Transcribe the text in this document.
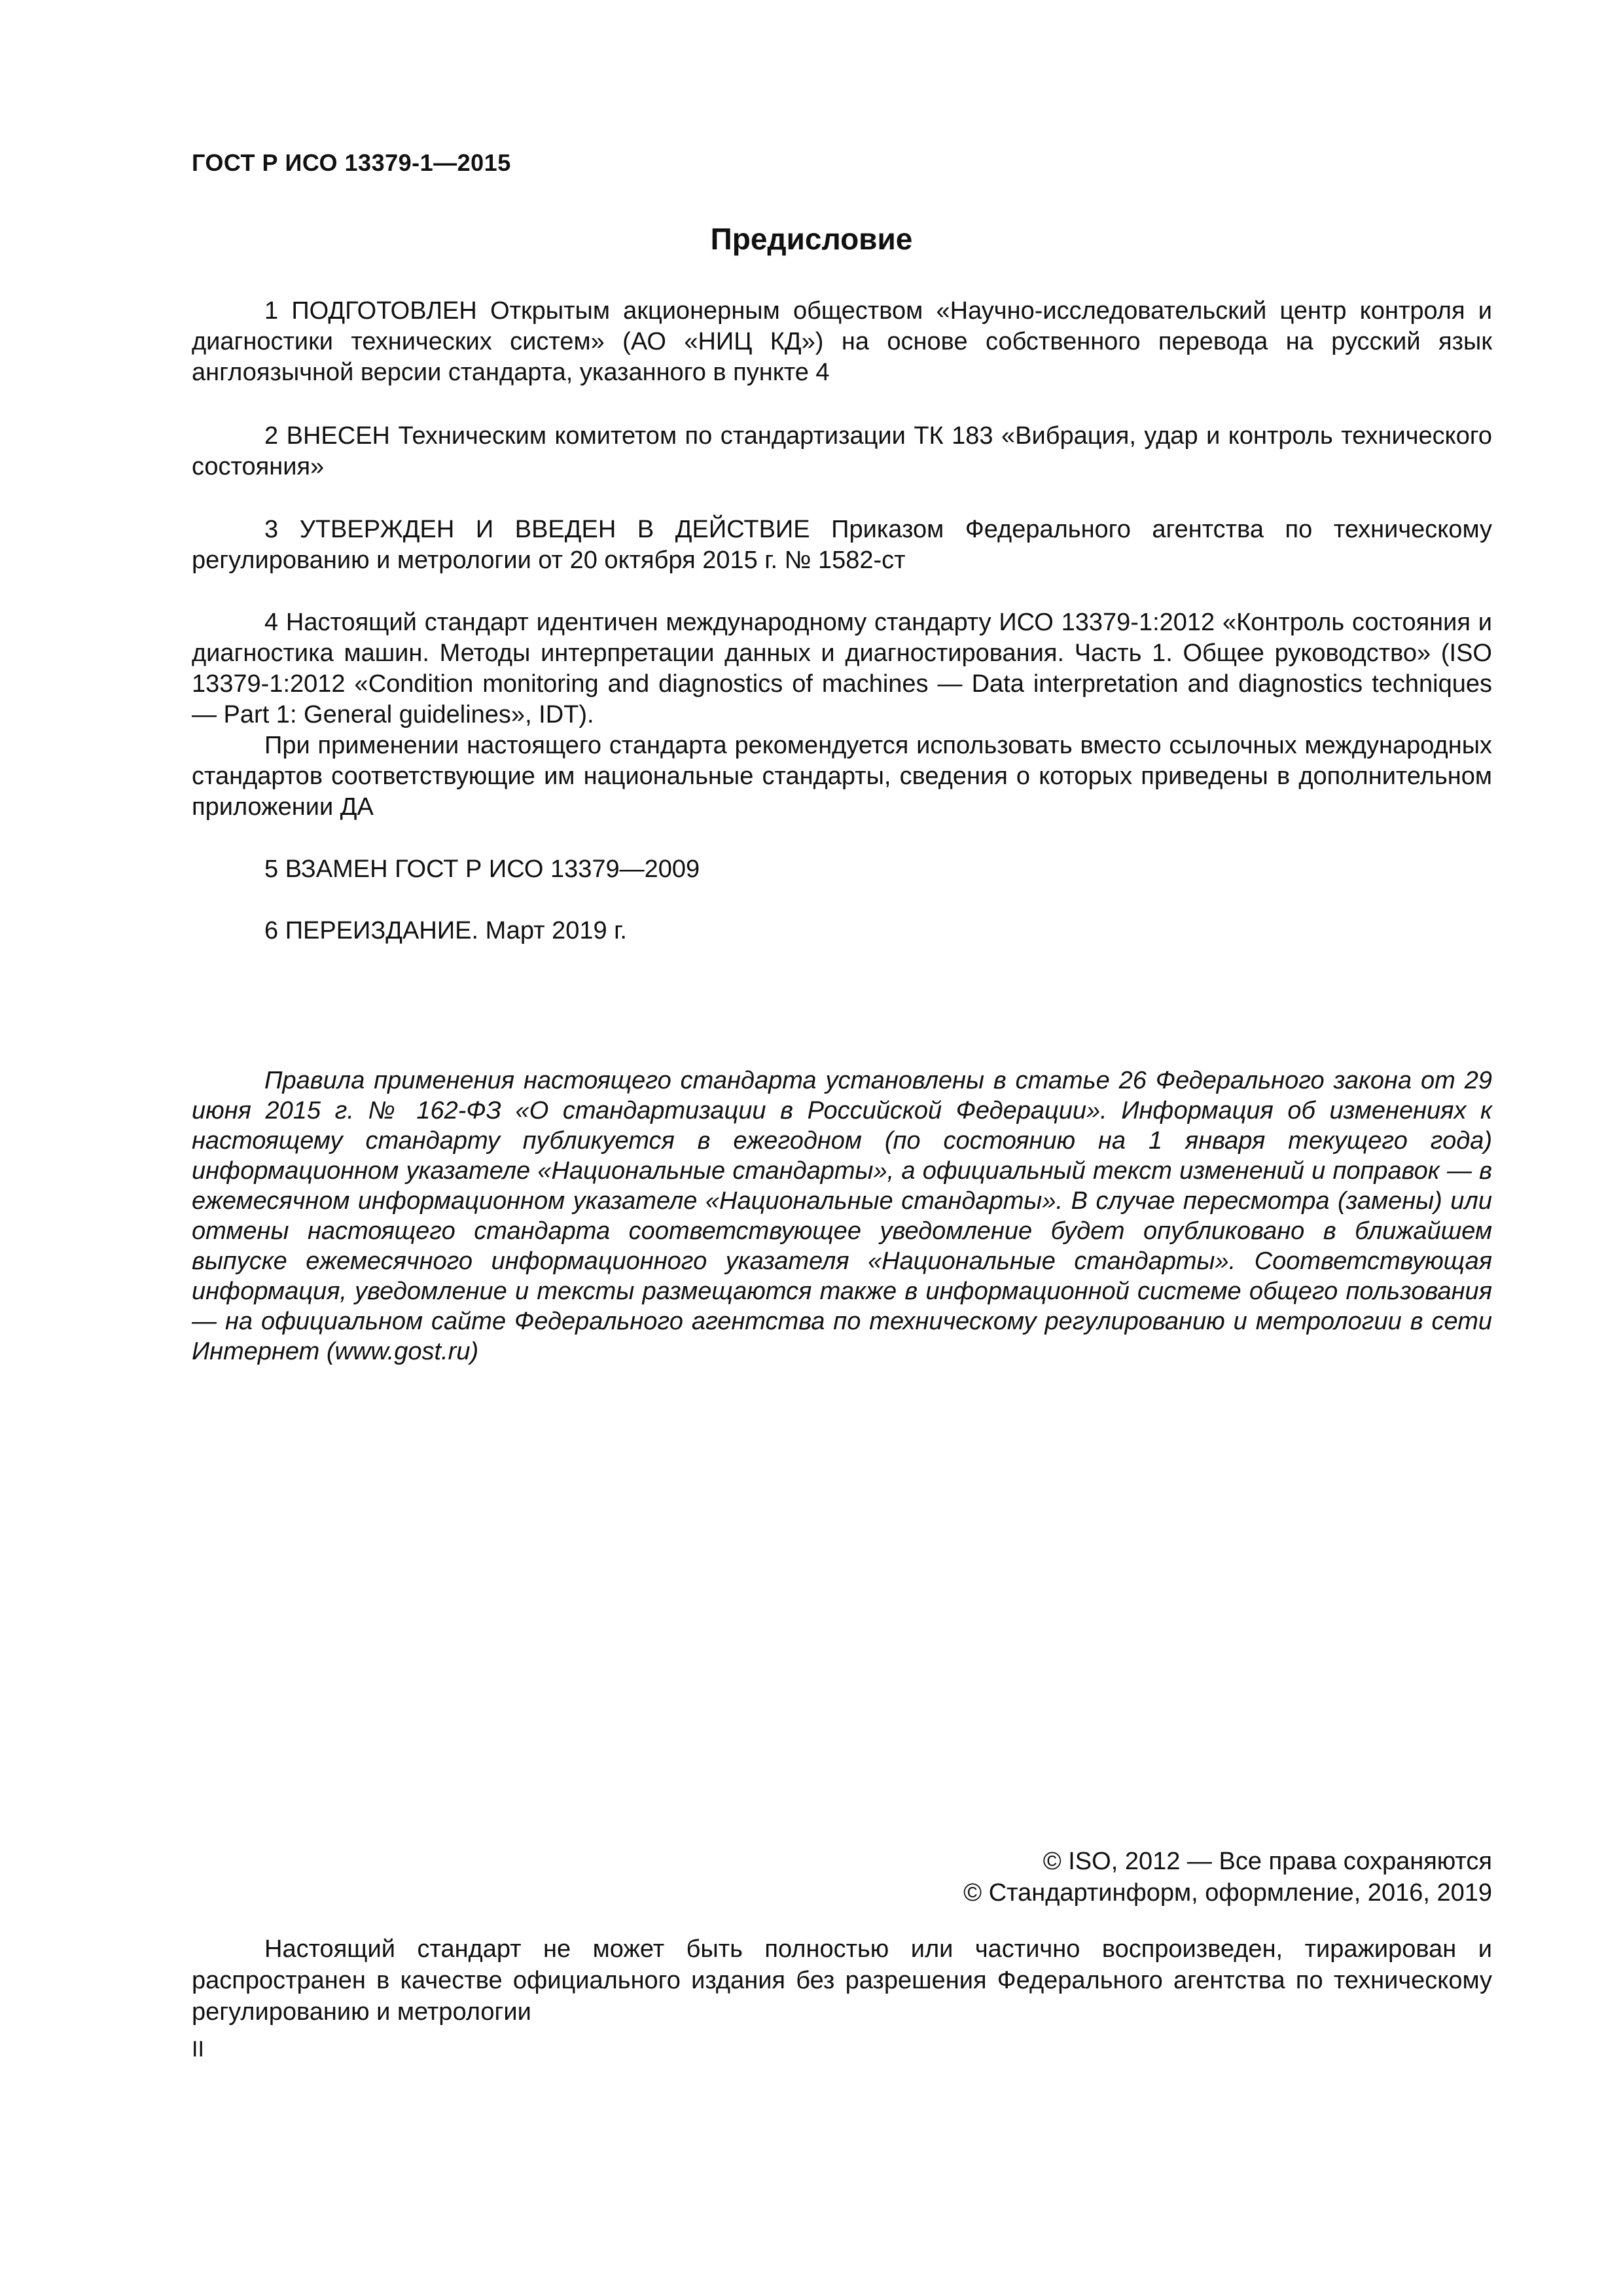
ГОСТ Р ИСО 13379-1—2015
Предисловие

1 ПОДГОТОВЛЕН Открытым акционерным обществом «Научно-исследовательский центр контроля и диагностики технических систем» (АО «НИЦ КД») на основе собственного перевода на русский язык англоязычной версии стандарта, указанного в пункте 4

2 ВНЕСЕН Техническим комитетом по стандартизации ТК 183 «Вибрация, удар и контроль технического состояния»

3 УТВЕРЖДЕН И ВВЕДЕН В ДЕЙСТВИЕ Приказом Федерального агентства по техническому регулированию и метрологии от 20 октября 2015 г. № 1582-ст

4 Настоящий стандарт идентичен международному стандарту ИСО 13379-1:2012 «Контроль состояния и диагностика машин. Методы интерпретации данных и диагностирования. Часть 1. Общее руководство» (ISO 13379-1:2012 «Condition monitoring and diagnostics of machines — Data interpretation and diagnostics techniques — Part 1: General guidelines», IDT).

При применении настоящего стандарта рекомендуется использовать вместо ссылочных международных стандартов соответствующие им национальные стандарты, сведения о которых приведены в дополнительном приложении ДА

5 ВЗАМЕН ГОСТ Р ИСО 13379—2009

6 ПЕРЕИЗДАНИЕ. Март 2019 г.

Правила применения настоящего стандарта установлены в статье 26 Федерального закона от 29 июня 2015 г. № 162-ФЗ «О стандартизации в Российской Федерации». Информация об изменениях к настоящему стандарту публикуется в ежегодном (по состоянию на 1 января текущего года) информационном указателе «Национальные стандарты», а официальный текст изменений и поправок — в ежемесячном информационном указателе «Национальные стандарты». В случае пересмотра (замены) или отмены настоящего стандарта соответствующее уведомление будет опубликовано в ближайшем выпуске ежемесячного информационного указателя «Национальные стандарты». Соответствующая информация, уведомление и тексты размещаются также в информационной системе общего пользования — на официальном сайте Федерального агентства по техническому регулированию и метрологии в сети Интернет (www.gost.ru)

© ISO, 2012 — Все права сохраняются
© Стандартинформ, оформление, 2016, 2019

Настоящий стандарт не может быть полностью или частично воспроизведен, тиражирован и распространен в качестве официального издания без разрешения Федерального агентства по техническому регулированию и метрологии

II
